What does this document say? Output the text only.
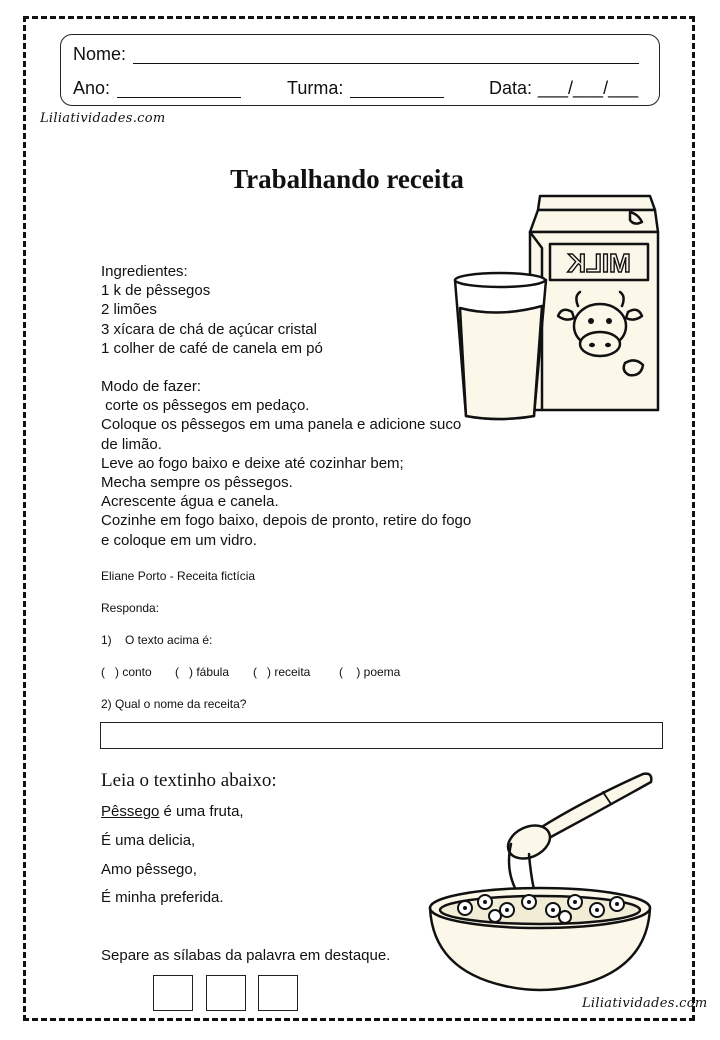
Nome:
Ano:	Turma:	Data: ___/___/___
Liliatividades.com
Trabalhando receita
MILK
Ingredientes:
1 k de pêssegos
2 limões
3 xícara de chá de açúcar cristal
1 colher de café de canela em pó
Modo de fazer:
corte os pêssegos em pedaço.
Coloque os pêssegos em uma panela e adicione suco
de limão.
Leve ao fogo baixo e deixe até cozinhar bem;
Mecha sempre os pêssegos.
Acrescente água e canela.
Cozinhe em fogo baixo, depois de pronto, retire do fogo
e coloque em um vidro.
Eliane Porto - Receita fictícia
Responda:
1) O texto acima é:
(   ) conto (   ) fábula (   ) receita (    ) poema
2) Qual o nome da receita?
Leia o textinho abaixo:
Pêssego é uma fruta,
É uma delicia,
Amo pêssego,
É minha preferida.
Separe as sílabas da palavra em destaque.
Liliatividades.com
